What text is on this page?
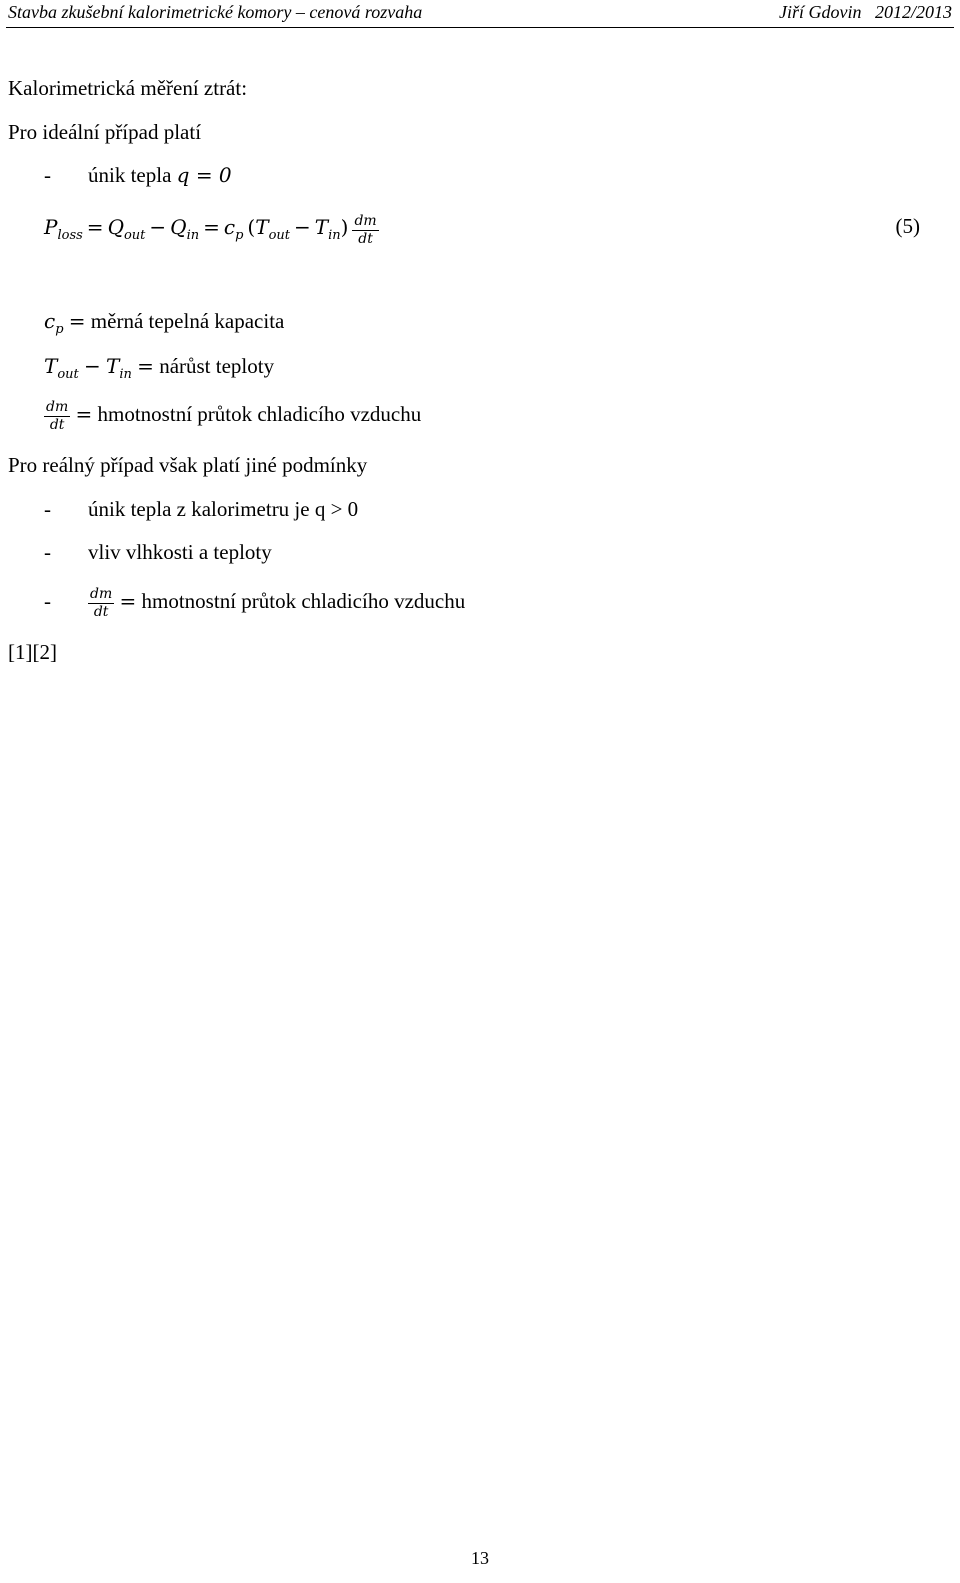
Stavba zkušební kalorimetrické komory – cenová rozvaha	Jiří Gdovin   2012/2013
Kalorimetrická měření ztrát:
Pro ideální případ platí
- únik tepla q = 0
$P_{loss} = Q_{out} - Q_{in} = c_p$ $(T_{out} - T_{in}) \frac{dm}{dt}$	(5)
$c_p$ = měrná tepelná kapacita
$T_{out} - T_{in}$ = nárůst teploty
$\frac{dm}{dt}$ = hmotnostní průtok chladicího vzduchu
Pro reálný případ však platí jiné podmínky
- únik tepla z kalorimetru je q > 0
- vliv vlhkosti a teploty
-	$\frac{dm}{dt}$ = hmotnostní průtok chladicího vzduchu
[1][2]
13
